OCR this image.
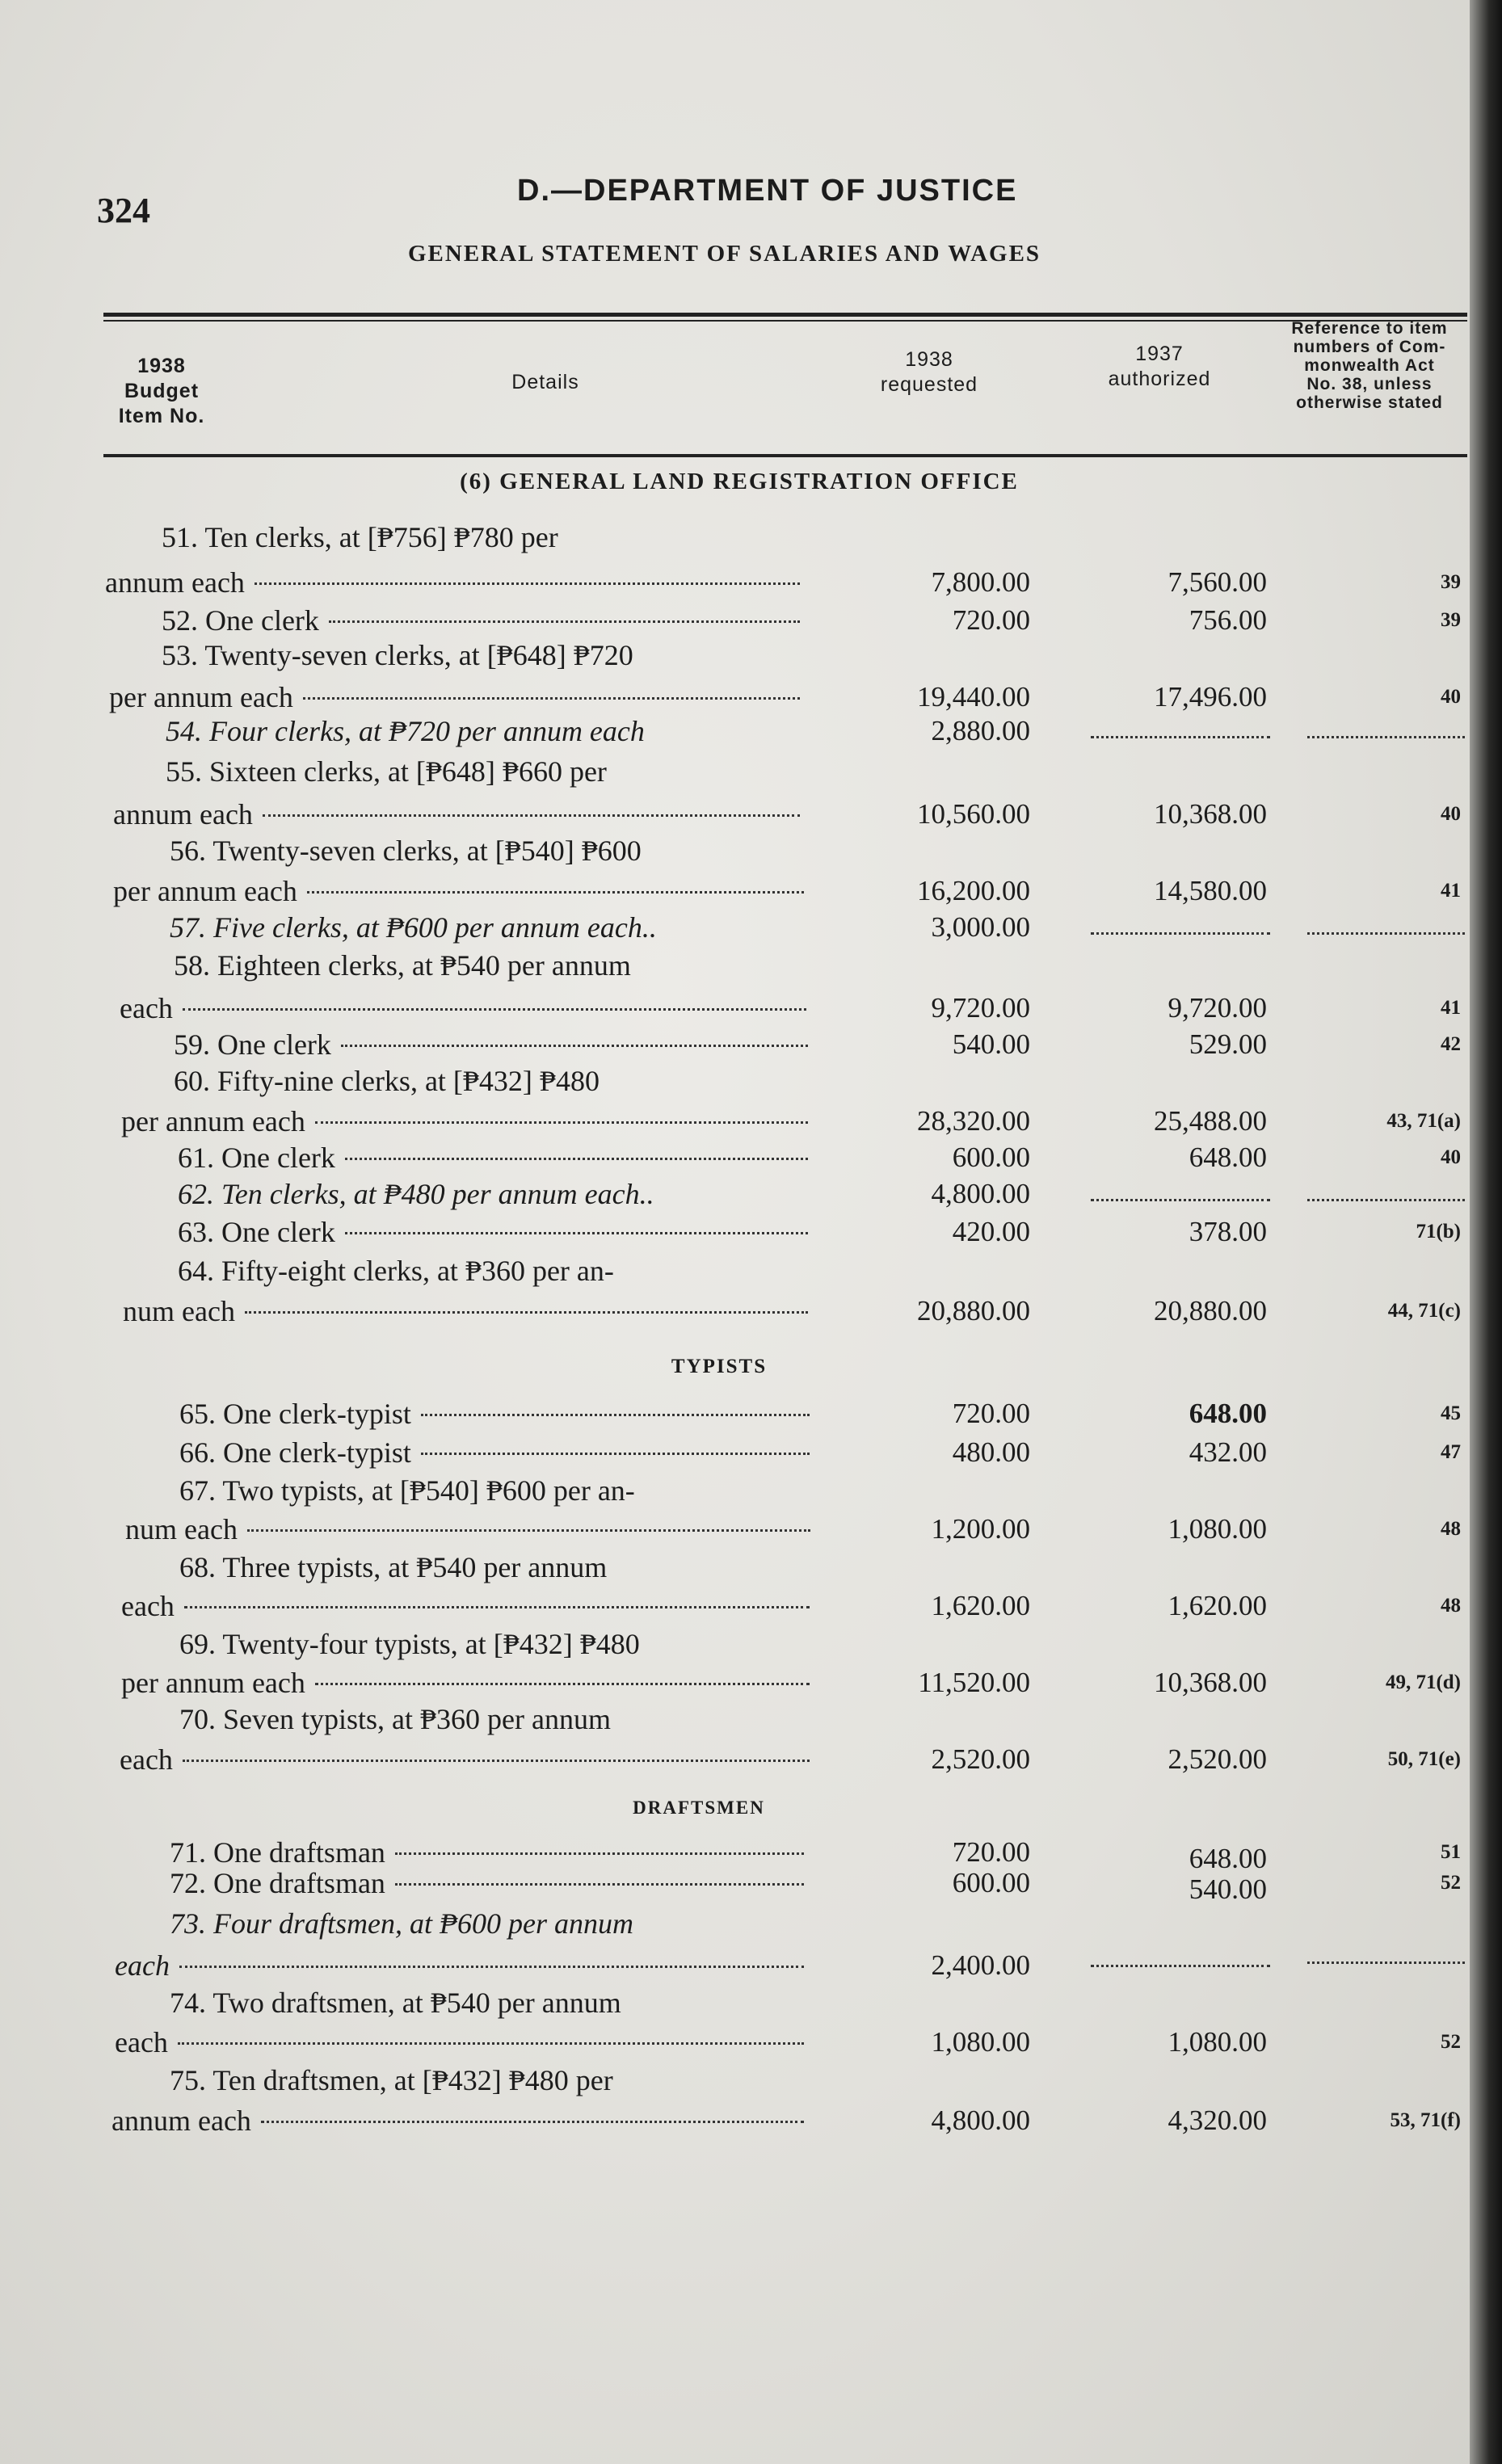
324	D.—DEPARTMENT OF JUSTICE
GENERAL STATEMENT OF SALARIES AND WAGES
1938
Budget
Item No.
Details
1938
requested
1937
authorized
Reference to item
numbers of Com-
monwealth Act
No. 38, unless
otherwise stated
(6) GENERAL LAND REGISTRATION OFFICE
51. Ten clerks, at [₱756] ₱780 per
annum each	7,800.00	7,560.00	39
52. One clerk	720.00	756.00	39
53. Twenty-seven clerks, at [₱648] ₱720
per annum each	19,440.00	17,496.00	40
54. Four clerks, at ₱720 per annum each	2,880.00
55. Sixteen clerks, at [₱648] ₱660 per
annum each	10,560.00	10,368.00	40
56. Twenty-seven clerks, at [₱540] ₱600
per annum each	16,200.00	14,580.00	41
57. Five clerks, at ₱600 per annum each..	3,000.00
58. Eighteen clerks, at ₱540 per annum
each	9,720.00	9,720.00	41
59. One clerk	540.00	529.00	42
60. Fifty-nine clerks, at [₱432] ₱480
per annum each	28,320.00	25,488.00	43, 71(a)
61. One clerk	600.00	648.00	40
62. Ten clerks, at ₱480 per annum each..	4,800.00
63. One clerk	420.00	378.00	71(b)
64. Fifty-eight clerks, at ₱360 per an-
num each	20,880.00	20,880.00	44, 71(c)
TYPISTS
65. One clerk-typist	720.00	648.00	45
66. One clerk-typist	480.00	432.00	47
67. Two typists, at [₱540] ₱600 per an-
num each	1,200.00	1,080.00	48
68. Three typists, at ₱540 per annum
each	1,620.00	1,620.00	48
69. Twenty-four typists, at [₱432] ₱480
per annum each	11,520.00	10,368.00	49, 71(d)
70. Seven typists, at ₱360 per annum
each	2,520.00	2,520.00	50, 71(e)
DRAFTSMEN
71. One draftsman	720.00	648.00	51
72. One draftsman	600.00	540.00	52
73. Four draftsmen, at ₱600 per annum
each	2,400.00
74. Two draftsmen, at ₱540 per annum
each	1,080.00	1,080.00	52
75. Ten draftsmen, at [₱432] ₱480 per
annum each	4,800.00	4,320.00	53, 71(f)
